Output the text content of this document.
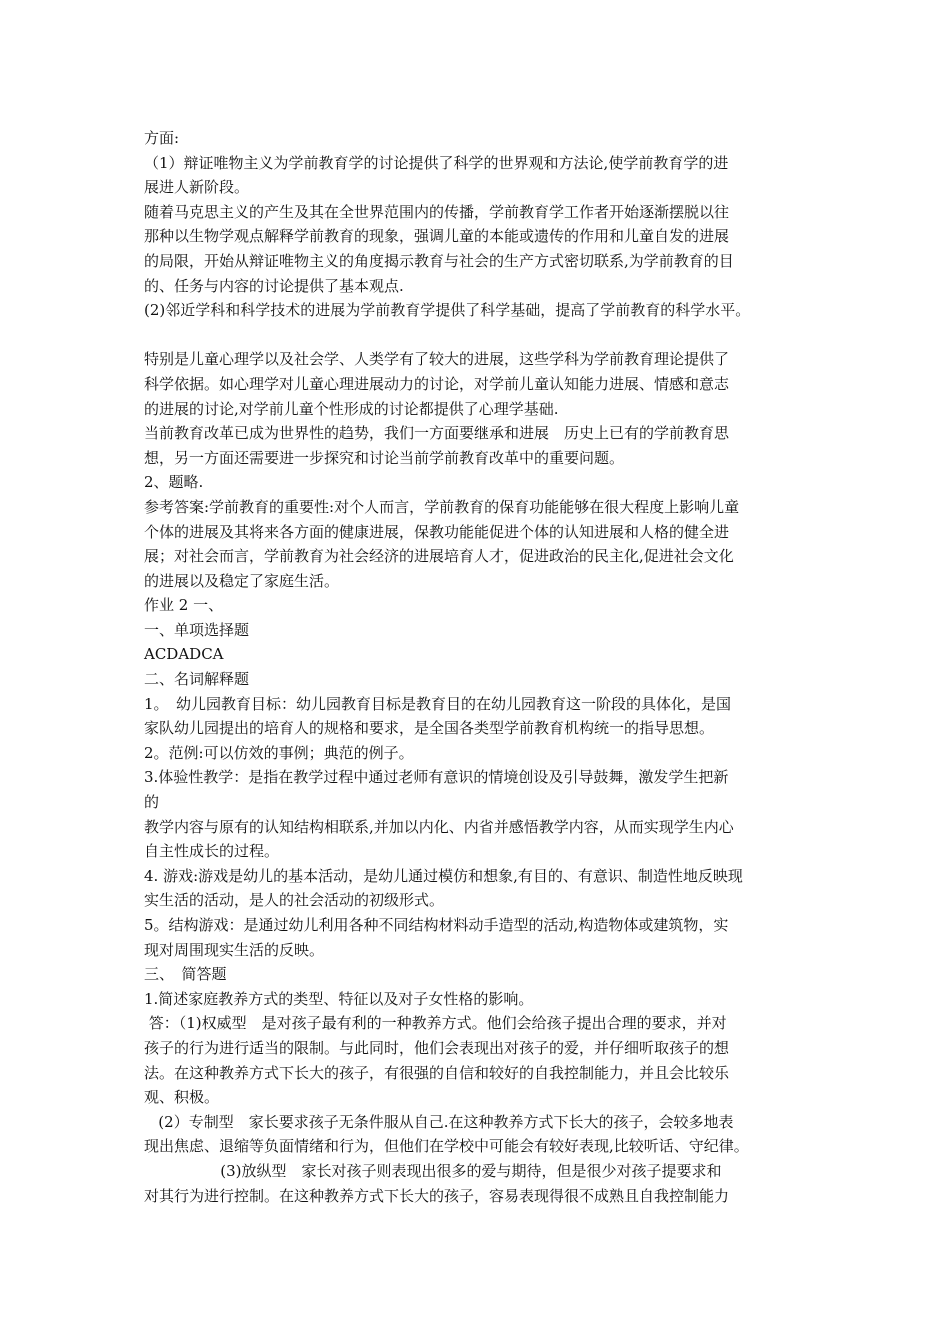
方面:
（1）辩证唯物主义为学前教育学的讨论提供了科学的世界观和方法论,使学前教育学的进
展进人新阶段。
随着马克思主义的产生及其在全世界范围内的传播，学前教育学工作者开始逐渐摆脱以往
那种以生物学观点解释学前教育的现象，强调儿童的本能或遗传的作用和儿童自发的进展
的局限，开始从辩证唯物主义的角度揭示教育与社会的生产方式密切联系,为学前教育的目
的、任务与内容的讨论提供了基本观点.
(2)邻近学科和科学技术的进展为学前教育学提供了科学基础，提高了学前教育的科学水平。
特别是儿童心理学以及社会学、人类学有了较大的进展，这些学科为学前教育理论提供了
科学依据。如心理学对儿童心理进展动力的讨论，对学前儿童认知能力进展、情感和意志
的进展的讨论,对学前儿童个性形成的讨论都提供了心理学基础.
当前教育改革已成为世界性的趋势，我们一方面要继承和进展　历史上已有的学前教育思
想，另一方面还需要进一步探究和讨论当前学前教育改革中的重要问题。
2、题略.
参考答案:学前教育的重要性:对个人而言，学前教育的保育功能能够在很大程度上影响儿童
个体的进展及其将来各方面的健康进展，保教功能能促进个体的认知进展和人格的健全进
展；对社会而言，学前教育为社会经济的进展培育人才，促进政治的民主化,促进社会文化
的进展以及稳定了家庭生活。
作业 2 一、
一、单项选择题
ACDADCA
二、名词解释题
1。　幼儿园教育目标：幼儿园教育目标是教育目的在幼儿园教育这一阶段的具体化，是国
家队幼儿园提出的培育人的规格和要求，是全国各类型学前教育机构统一的指导思想。
2。范例:可以仿效的事例；典范的例子。
3.体验性教学：是指在教学过程中通过老师有意识的情境创设及引导鼓舞，激发学生把新
的
教学内容与原有的认知结构相联系,并加以内化、内省并感悟教学内容，从而实现学生内心
自主性成长的过程。
4. 游戏:游戏是幼儿的基本活动，是幼儿通过模仿和想象,有目的、有意识、制造性地反映现
实生活的活动，是人的社会活动的初级形式。
5。结构游戏：是通过幼儿利用各种不同结构材料动手造型的活动,构造物体或建筑物，实
现对周围现实生活的反映。
三、　简答题
1.简述家庭教养方式的类型、特征以及对子女性格的影响。
答：（1)权威型　是对孩子最有利的一种教养方式。他们会给孩子提出合理的要求，并对
孩子的行为进行适当的限制。与此同时，他们会表现出对孩子的爱，并仔细听取孩子的想
法。在这种教养方式下长大的孩子，有很强的自信和较好的自我控制能力，并且会比较乐
观、积极。
(2）专制型　家长要求孩子无条件服从自己.在这种教养方式下长大的孩子，会较多地表
现出焦虑、退缩等负面情绪和行为，但他们在学校中可能会有较好表现,比较听话、守纪律。
(3)放纵型　家长对孩子则表现出很多的爱与期待，但是很少对孩子提要求和
对其行为进行控制。在这种教养方式下长大的孩子，容易表现得很不成熟且自我控制能力
